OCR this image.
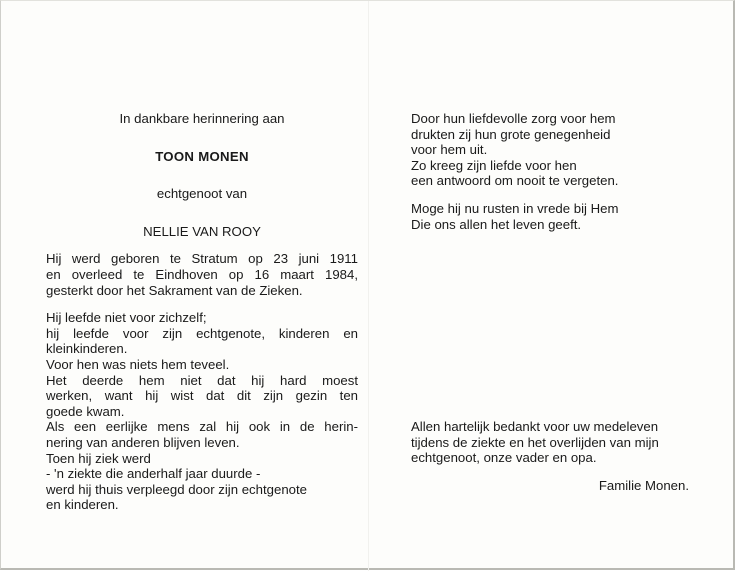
In dankbare herinnering aan
TOON MONEN
echtgenoot van
NELLIE VAN ROOY
Hij werd geboren te Stratum op 23 juni 1911
en overleed te Eindhoven op 16 maart 1984,
gesterkt door het Sakrament van de Zieken.
Hij leefde niet voor zichzelf;
hij leefde voor zijn echtgenote, kinderen en
kleinkinderen.
Voor hen was niets hem teveel.
Het deerde hem niet dat hij hard moest
werken, want hij wist dat dit zijn gezin ten
goede kwam.
Als een eerlijke mens zal hij ook in de herin-
nering van anderen blijven leven.
Toen hij ziek werd
- 'n ziekte die anderhalf jaar duurde -
werd hij thuis verpleegd door zijn echtgenote
en kinderen.
Door hun liefdevolle zorg voor hem
drukten zij hun grote genegenheid
voor hem uit.
Zo kreeg zijn liefde voor hen
een antwoord om nooit te vergeten.
Moge hij nu rusten in vrede bij Hem
Die ons allen het leven geeft.
Allen hartelijk bedankt voor uw medeleven
tijdens de ziekte en het overlijden van mijn
echtgenoot, onze vader en opa.
Familie Monen.
